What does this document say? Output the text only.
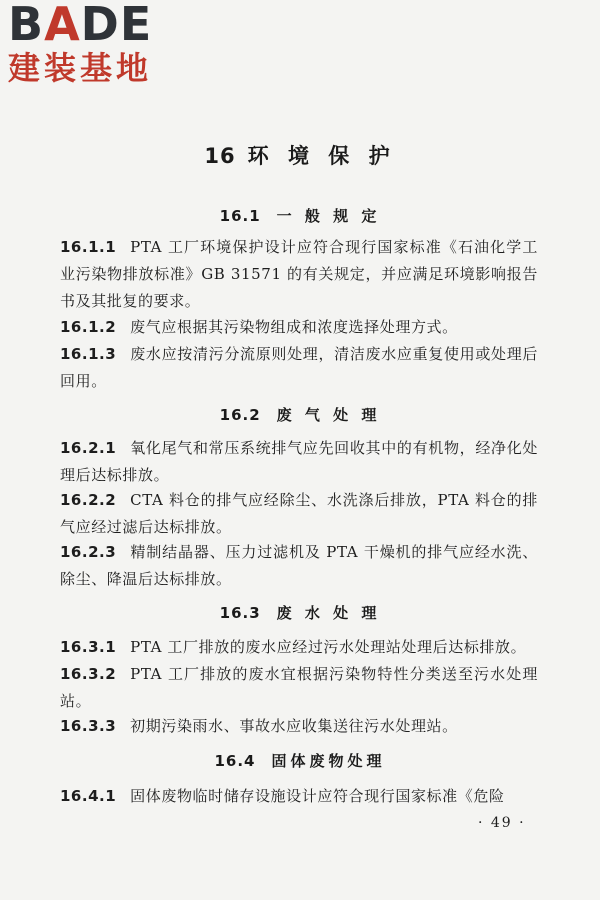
B A DE
建装基地
16 环 境 保 护
16.1 一 般 规 定
16.1.1 PTA 工厂环境保护设计应符合现行国家标准《石油化学工业污染物排放标准》GB 31571 的有关规定，并应满足环境影响报告书及其批复的要求。
16.1.2 废气应根据其污染物组成和浓度选择处理方式。
16.1.3 废水应按清污分流原则处理，清洁废水应重复使用或处理后回用。
16.2 废 气 处 理
16.2.1 氧化尾气和常压系统排气应先回收其中的有机物，经净化处理后达标排放。
16.2.2 CTA 料仓的排气应经除尘、水洗涤后排放，PTA 料仓的排气应经过滤后达标排放。
16.2.3 精制结晶器、压力过滤机及 PTA 干燥机的排气应经水洗、除尘、降温后达标排放。
16.3 废 水 处 理
16.3.1 PTA 工厂排放的废水应经过污水处理站处理后达标排放。
16.3.2 PTA 工厂排放的废水宜根据污染物特性分类送至污水处理站。
16.3.3 初期污染雨水、事故水应收集送往污水处理站。
16.4 固体废物处理
16.4.1 固体废物临时储存设施设计应符合现行国家标准《危险
· 49 ·
